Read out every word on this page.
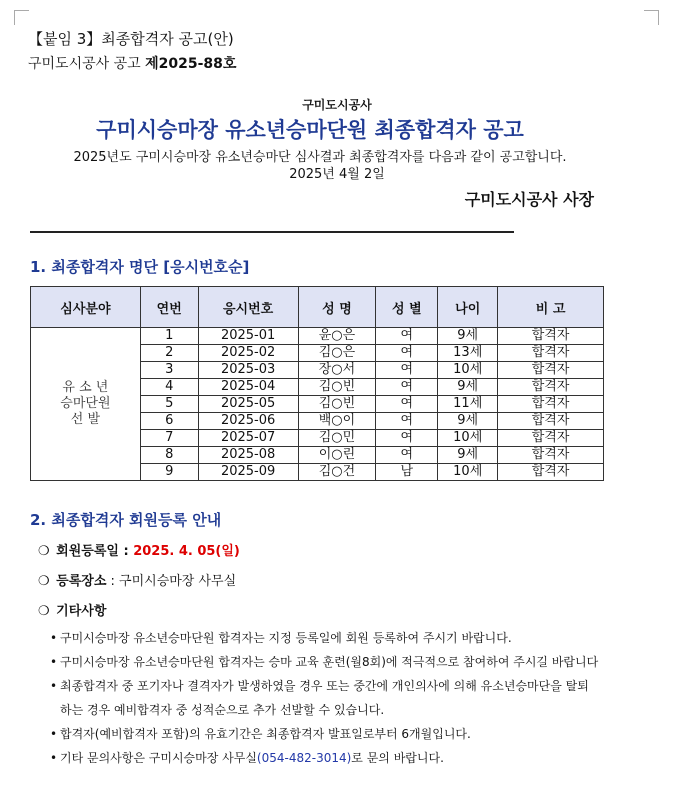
【붙임 3】최종합격자 공고(안)
구미도시공사 공고 제2025-88호
구미도시공사
구미시승마장 유소년승마단원 최종합격자 공고
2025년도 구미시승마장 유소년승마단 심사결과 최종합격자를 다음과 같이 공고합니다.
2025년 4월 2일
구미도시공사 사장
1. 최종합격자 명단 [응시번호순]
심사분야	연번	응시번호	성 명	성 별	나이	비 고
유 소 년
승마단원
선 발	1	2025-01	윤○은	여	9세	합격자
	2	2025-02	김○은	여	13세	합격자
	3	2025-03	장○서	여	10세	합격자
	4	2025-04	김○빈	여	9세	합격자
	5	2025-05	김○빈	여	11세	합격자
	6	2025-06	백○이	여	9세	합격자
	7	2025-07	김○민	여	10세	합격자
	8	2025-08	이○린	여	9세	합격자
	9	2025-09	김○건	남	10세	합격자
2. 최종합격자 회원등록 안내
❍ 회원등록일 : 2025. 4. 05(일)
❍ 등록장소 : 구미시승마장 사무실
❍ 기타사항
• 구미시승마장 유소년승마단원 합격자는 지정 등록일에 회원 등록하여 주시기 바랍니다.
• 구미시승마장 유소년승마단원 합격자는 승마 교육 훈련(월8회)에 적극적으로 참여하여 주시길 바랍니다
• 최종합격자 중 포기자나 결격자가 발생하였을 경우 또는 중간에 개인의사에 의해 유소년승마단을 탈퇴
하는 경우 예비합격자 중 성적순으로 추가 선발할 수 있습니다.
• 합격자(예비합격자 포함)의 유효기간은 최종합격자 발표일로부터 6개월입니다.
• 기타 문의사항은 구미시승마장 사무실(054-482-3014)로 문의 바랍니다.
